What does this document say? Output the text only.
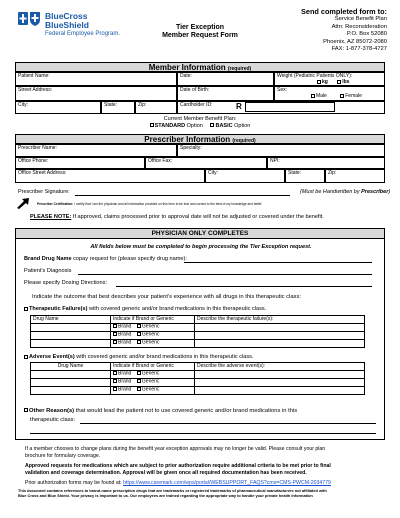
BlueCross
BlueShield
Federal Employee Program.
Tier Exception
Member Request Form
Send completed form to:
Service Benefit Plan
Attn: Reconsideration
P.O. Box 52080
Phoenix, AZ 85072-2080
FAX: 1-877-378-4727
Member Information (required)
Patient Name:	Date:	Weight (Pediatric Patients ONLY):
kg	lbs
Street Address:	Date of Birth:	Sex:
Male	Female
City:	State:	Zip:	Cardholder ID:	R
Current Member Benefit Plan:
STANDARD Option BASIC Option
Prescriber Information (required)
Prescriber Name:	Specialty:
Office Phone:	Office Fax:	NPI:
Office Street Address:	City:	State:	Zip:
Prescriber Signature:	(Must be Handwritten by Prescriber)
Prescriber Certification: I certify that I am the physician and all information provided on this form to be true and correct to the best of my knowledge and belief.
PLEASE NOTE: If approved, claims processed prior to approval date will not be adjusted or covered under the benefit.
PHYSICIAN ONLY COMPLETES
All fields below must be completed to begin processing the Tier Exception request.
Brand Drug Name copay request for (please specify drug name):
Patient’s Diagnosis
Please specify Dosing Directions:
Indicate the outcome that best describes your patient’s experience with all drugs in this therapeutic class:
Therapeutic Failure(s) with covered generic and/or brand medications in this therapeutic class.
Drug Name	Indicate if Brand or Generic	Describe the therapeutic failure(s):
	Brand Generic	
	Brand Generic	
	Brand Generic	
Adverse Event(s) with covered generic and/or brand medications in this therapeutic class.
Drug Name	Indicate if Brand or Generic	Describe the adverse event(s):
	Brand Generic	
	Brand Generic	
	Brand Generic	
Other Reason(s) that would lead the patient not to use covered generic and/or brand medications in this
therapeutic class:
If a member chooses to change plans during the benefit year exception approvals may no longer be valid. Please consult your plan
brochure for formulary coverage.
Approved requests for medications which are subject to prior authorization require additional criteria to be met prior to final
validation and coverage determination. Approval will be given once all required documentation has been received.
Prior authorization forms may be found at: https://www.caremark.com/wps/portal/WEBSUPPORT_FAQS?cms=CMS-PWCM-2034779
This document contains references to brand-name prescription drugs that are trademarks or registered trademarks of pharmaceutical manufacturers not affiliated with
Blue Cross and Blue Shield. Your privacy is important to us. Our employees are trained regarding the appropriate way to handle your private health information
